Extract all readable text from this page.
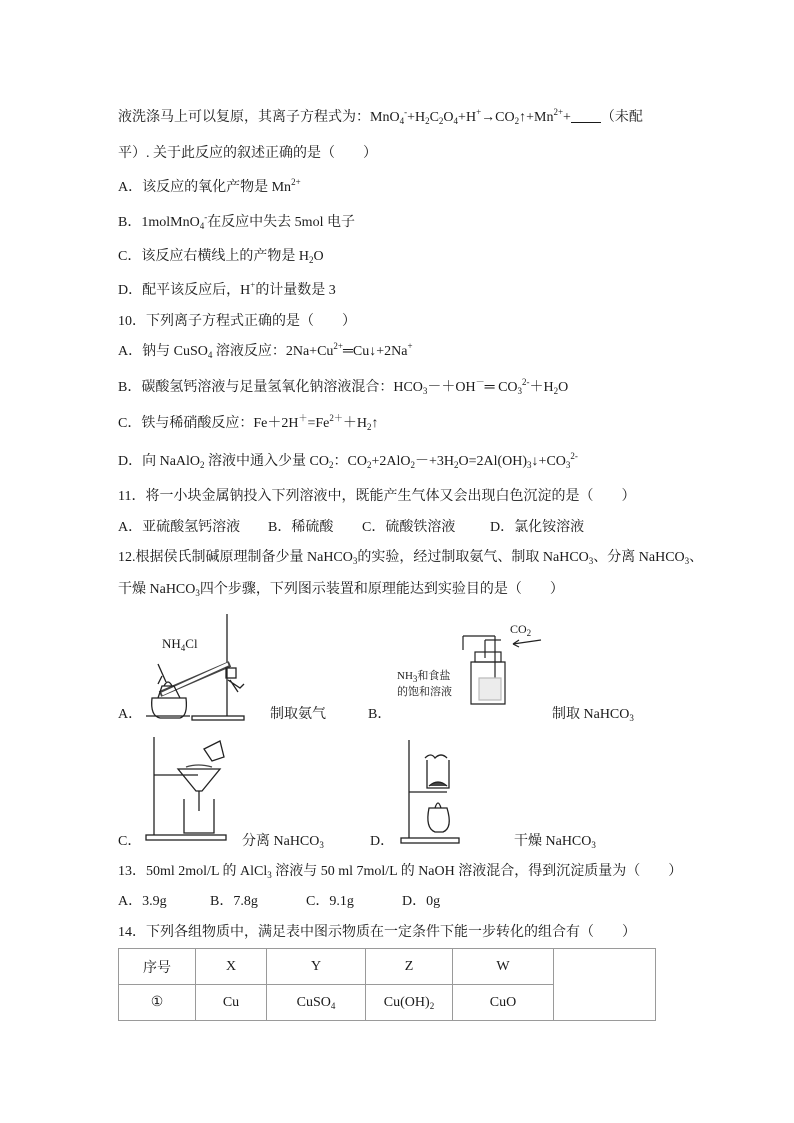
液洗涤马上可以复原，其离子方程式为：$MnO_4^-+H_2C_2O_4+H^+\to CO_2↑+Mn^{2+}+$ （未配
平）. 关于此反应的叙述正确的是（　　）
A．该反应的氧化产物是 $Mn^{2+}$
B．1molMnO$_4$-在反应中失去 5mol 电子
C．该反应右横线上的产物是 $H_2O$
D．配平该反应后，H+的计量数是 3
10．下列离子方程式正确的是（　　）
A．钠与 CuSO$_4$ 溶液反应：$2Na+Cu^{2+}═Cu↓+2Na^+$
B．碳酸氢钙溶液与足量氢氧化钠溶液混合：$HCO_3-+OH^-═$ $CO_3^{2-}+H_2O$
C．铁与稀硝酸反应：$Fe+2H^+=Fe^{2+}+H_2↑$
D．向 NaAlO$_2$ 溶液中通入少量 $CO_2$：$CO_2+2AlO_2-+3H_2O=2Al(OH)_3↓+CO_3^{2-}$
11．将一小块金属钠投入下列溶液中，既能产生气体又会出现白色沉淀的是（　　）
A．亚硫酸氢钙溶液 B．稀硫酸 C．硫酸铁溶液 D．氯化铵溶液
12.根据侯氏制碱原理制备少量 NaHCO$_3$的实验，经过制取氨气、制取 NaHCO$_3$、分离 NaHCO$_3$、
干燥 NaHCO$_3$四个步骤，下列图示装置和原理能达到实验目的是（　　）
A．
$NH_4Cl$
制取氨气	B．
$CO_2$
$NH_3$和食盐
的饱和溶液
制取 NaHCO$_3$
C．	分离 NaHCO$_3$	D．	干燥 NaHCO$_3$
13．50ml 2mol/L 的 AlCl$_3$ 溶液与 50 ml 7mol/L 的 NaOH 溶液混合，得到沉淀质量为（　　）
A．3.9g	B．7.8g	C．9.1g	D．0g
14．下列各组物质中，满足表中图示物质在一定条件下能一步转化的组合有（　　）
序号	X	Y	Z	W	
①	Cu	CuSO$_4$	$Cu(OH)_2$	CuO	
